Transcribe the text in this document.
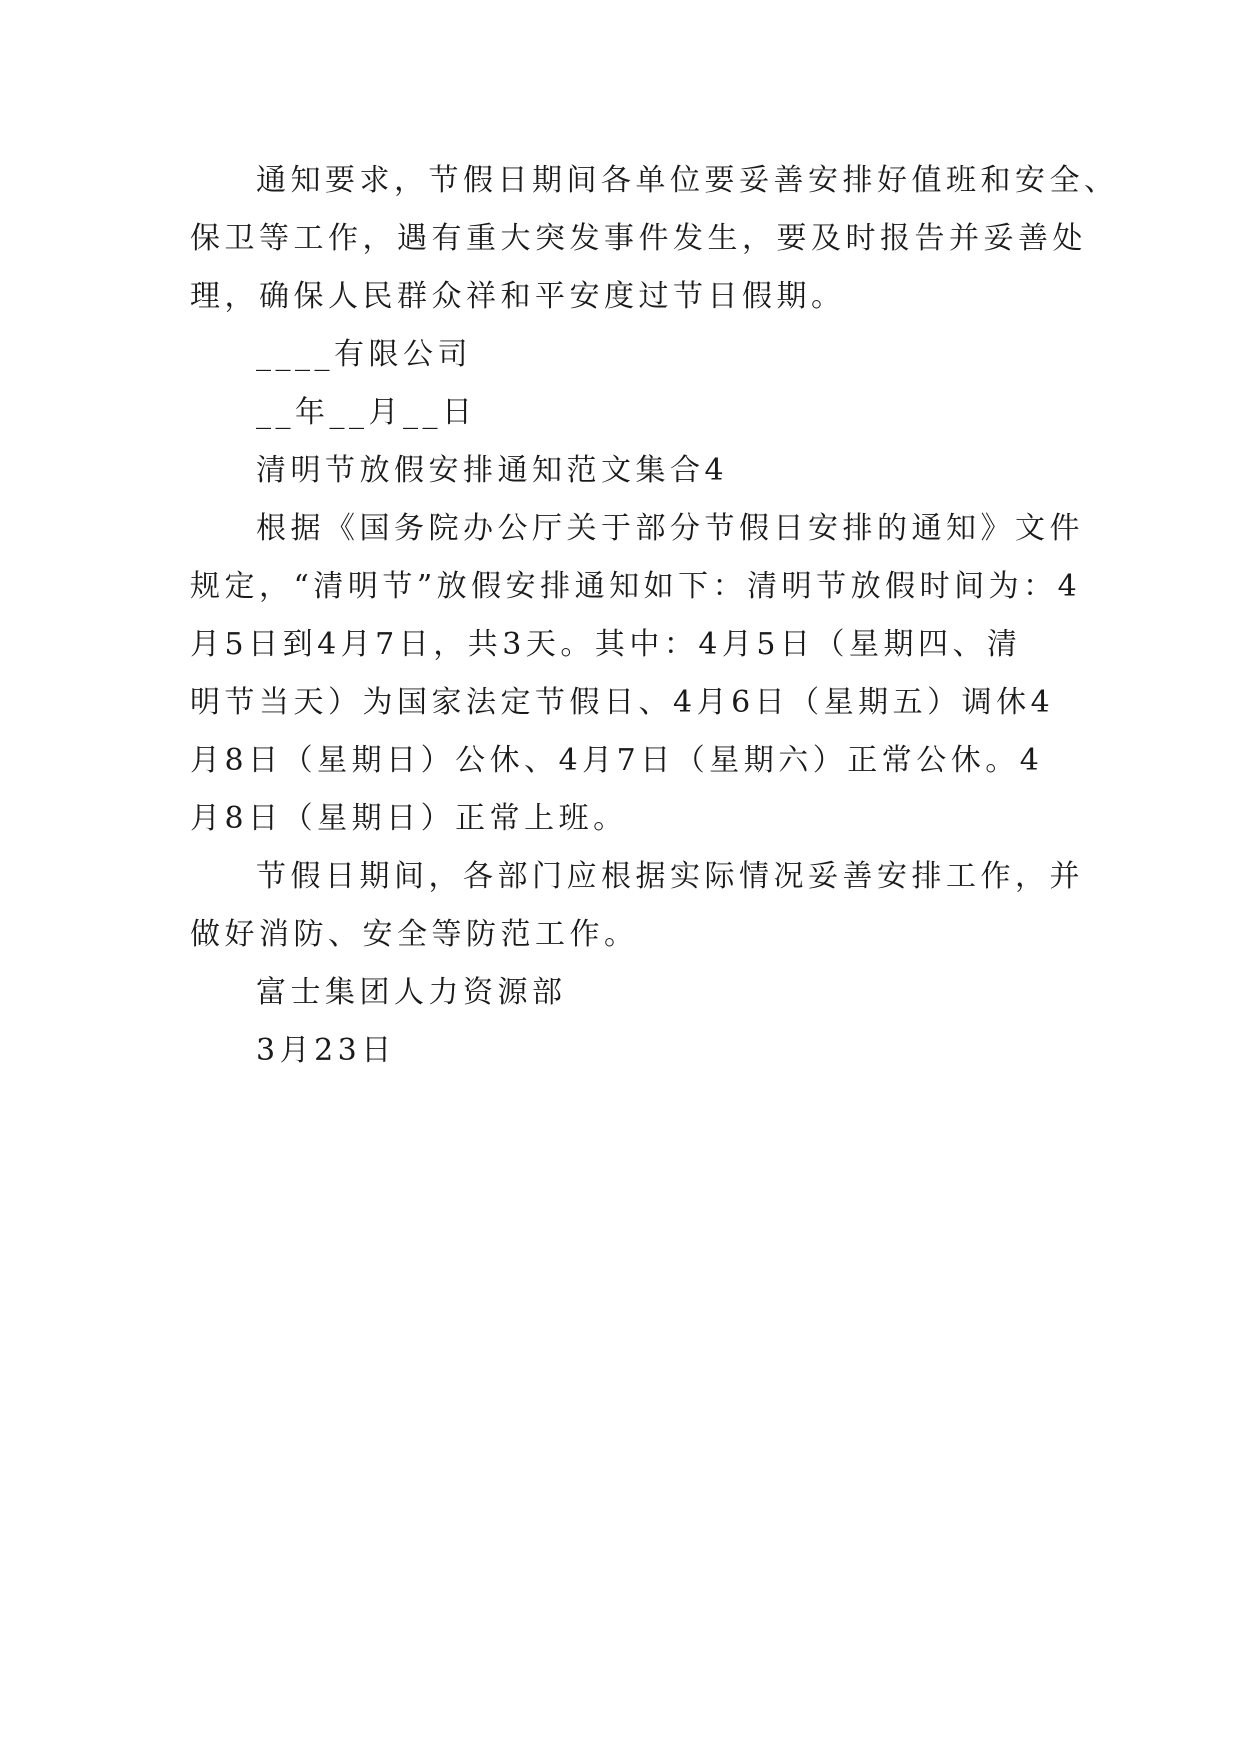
通知要求，节假日期间各单位要妥善安排好值班和安全、

保卫等工作，遇有重大突发事件发生，要及时报告并妥善处

理，确保人民群众祥和平安度过节日假期。

____有限公司

__年__月__日

清明节放假安排通知范文集合4

根据《国务院办公厅关于部分节假日安排的通知》文件

规定，“清明节”放假安排通知如下：清明节放假时间为：4

月5日到4月7日，共3天。其中：4月5日（星期四、清

明节当天）为国家法定节假日、4月6日（星期五）调休4

月8日（星期日）公休、4月7日（星期六）正常公休。4

月8日（星期日）正常上班。

节假日期间，各部门应根据实际情况妥善安排工作，并

做好消防、安全等防范工作。

富士集团人力资源部

3月23日
